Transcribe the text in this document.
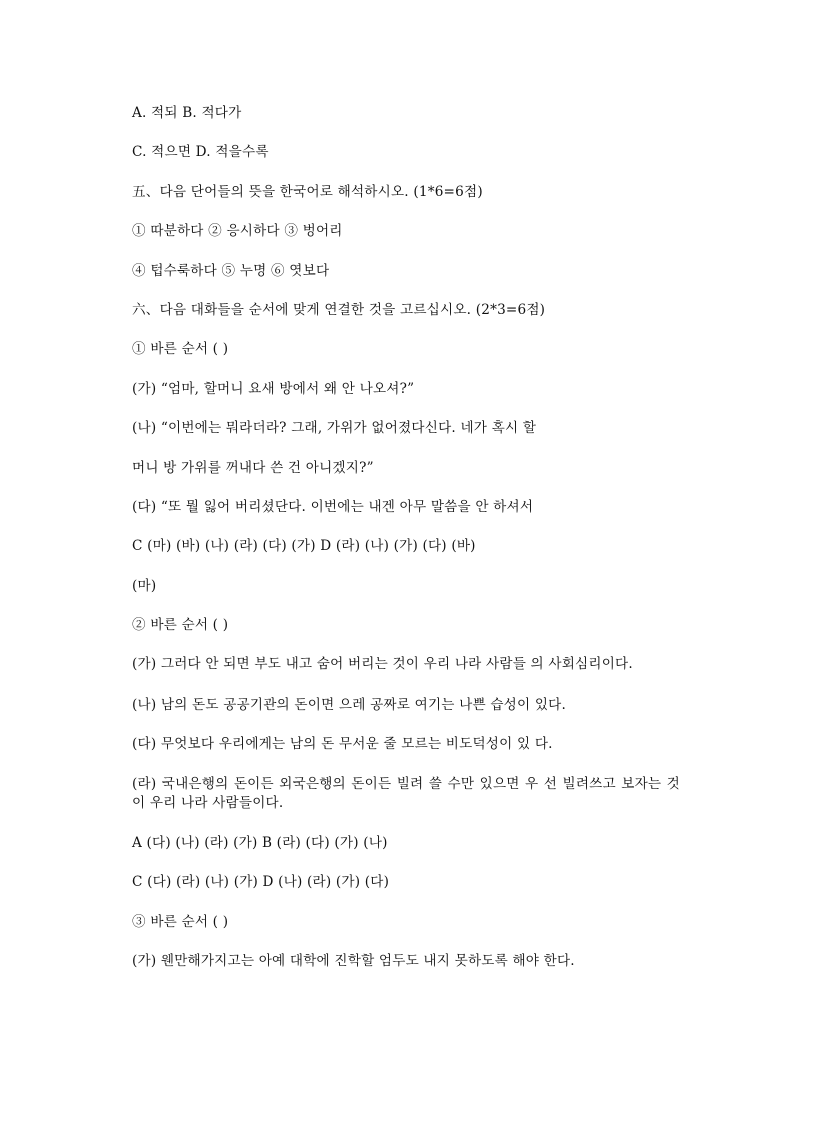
A. 적되 B. 적다가
C. 적으면 D. 적을수록
五、다음 단어들의 뜻을 한국어로 해석하시오. (1*6=6점)
① 따분하다 ② 응시하다 ③ 벙어리
④ 텁수룩하다 ⑤ 누명 ⑥ 엿보다
六、다음 대화들을 순서에 맞게 연결한 것을 고르십시오. (2*3=6점)
① 바른 순서 ( )
(가) “엄마, 할머니 요새 방에서 왜 안 나오셔?”
(나) “이번에는 뭐라더라? 그래, 가위가 없어졌다신다. 네가 혹시 할
머니 방 가위를 꺼내다 쓴 건 아니겠지?”
(다) “또 뭘 잃어 버리셨단다. 이번에는 내겐 아무 말씀을 안 하셔서
C (마) (바) (나) (라) (다) (가) D (라) (나) (가) (다) (바)
(마)
② 바른 순서 ( )
(가) 그러다 안 되면 부도 내고 숨어 버리는 것이 우리 나라 사람들 의 사회심리이다.
(나) 남의 돈도 공공기관의 돈이면 으레 공짜로 여기는 나쁜 습성이 있다.
(다) 무엇보다 우리에게는 남의 돈 무서운 줄 모르는 비도덕성이 있 다.
(라) 국내은행의 돈이든 외국은행의 돈이든 빌려 쓸 수만 있으면 우 선 빌려쓰고 보자는 것이 우리 나라 사람들이다.
A (다) (나) (라) (가) B (라) (다) (가) (나)
C (다) (라) (나) (가) D (나) (라) (가) (다)
③ 바른 순서 ( )
(가) 웬만해가지고는 아예 대학에 진학할 엄두도 내지 못하도록 해야 한다.
